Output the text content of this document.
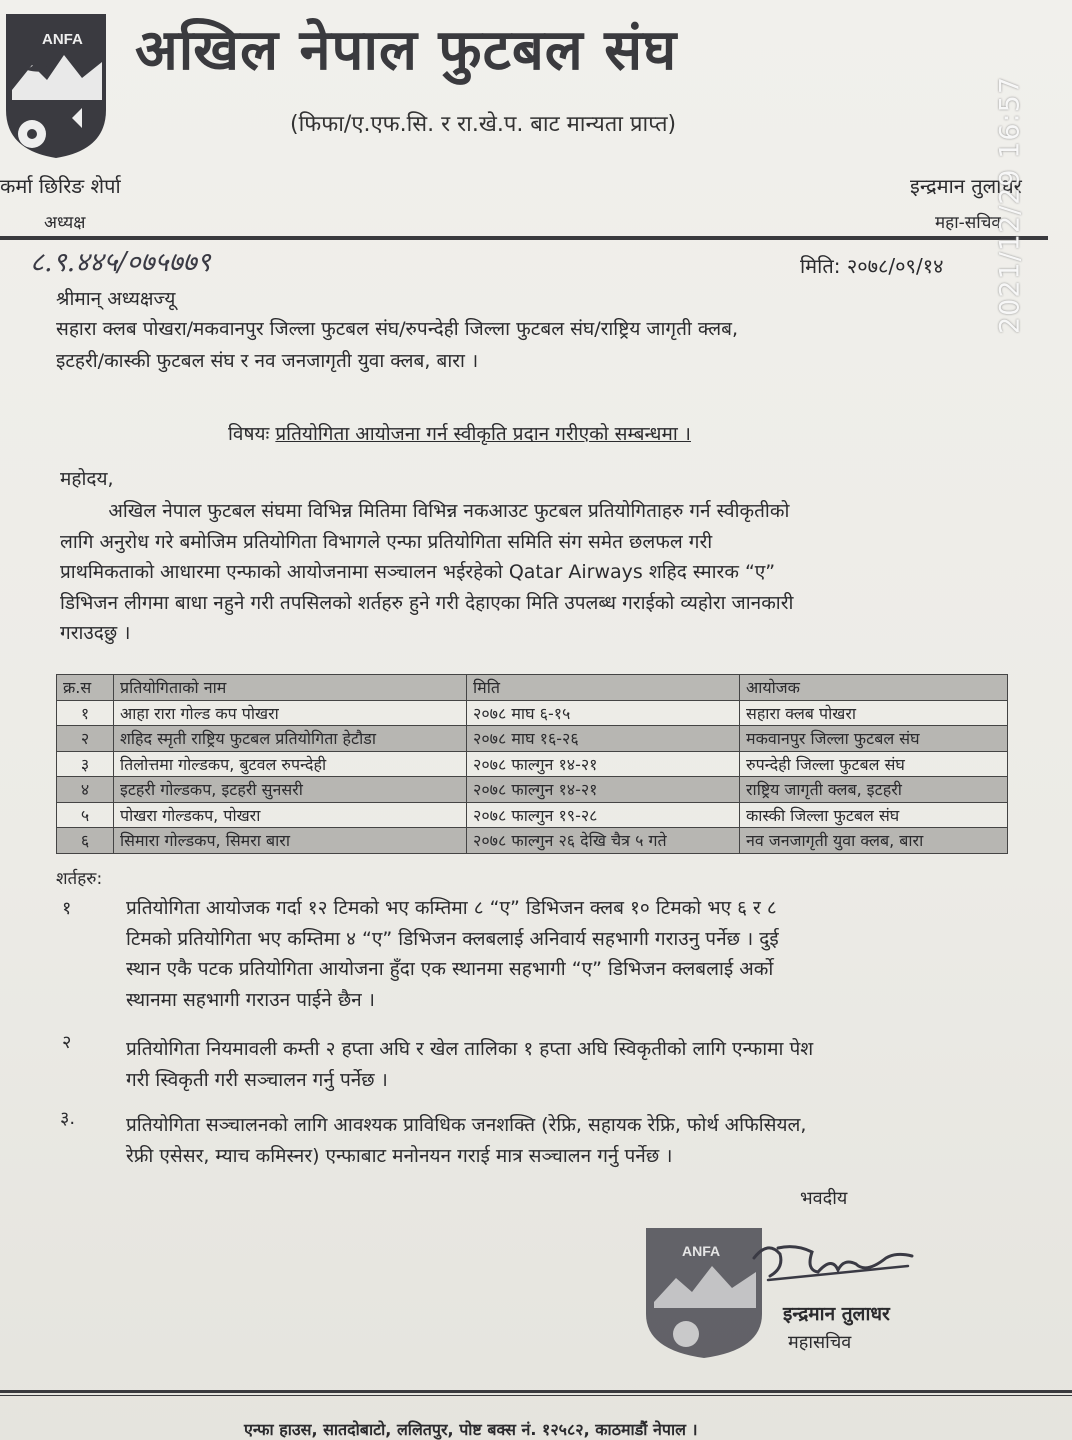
ANFA अखिल नेपाल फुटबल संघ
(फिफा/ए.एफ.सि. र रा.खे.प. बाट मान्यता प्राप्त)
कर्मा छिरिङ शेर्पा
अध्यक्ष
इन्द्रमान तुलाधर
महा-सचिव
८.९.४४५/०७५७७९	मिति: २०७८/०९/१४ 2021/12/29 16:57
श्रीमान् अध्यक्षज्यू
सहारा क्लब पोखरा/मकवानपुर जिल्ला फुटबल संघ/रुपन्देही जिल्ला फुटबल संघ/राष्ट्रिय जागृती क्लब,
इटहरी/कास्की फुटबल संघ र नव जनजागृती युवा क्लब, बारा ।
विषयः प्रतियोगिता आयोजना गर्न स्वीकृति प्रदान गरीएको सम्बन्धमा ।
महोदय,
अखिल नेपाल फुटबल संघमा विभिन्न मितिमा विभिन्न नकआउट फुटबल प्रतियोगिताहरु गर्न स्वीकृतीको
लागि अनुरोध गरे बमोजिम प्रतियोगिता विभागले एन्फा प्रतियोगिता समिति संग समेत छलफल गरी
प्राथमिकताको आधारमा एन्फाको आयोजनामा सञ्चालन भईरहेको Qatar Airways शहिद स्मारक “ए”
डिभिजन लीगमा बाधा नहुने गरी तपसिलको शर्तहरु हुने गरी देहाएका मिति उपलब्ध गराईको व्यहोरा जानकारी
गराउदछु ।
क्र.स	प्रतियोगिताको नाम	मिति	आयोजक
१	आहा रारा गोल्ड कप पोखरा	२०७८ माघ ६-१५	सहारा क्लब पोखरा
२	शहिद स्मृती राष्ट्रिय फुटबल प्रतियोगिता हेटौडा	२०७८ माघ १६-२६	मकवानपुर जिल्ला फुटबल संघ
३	तिलोत्तमा गोल्डकप, बुटवल रुपन्देही	२०७८ फाल्गुन १४-२१	रुपन्देही जिल्ला फुटबल संघ
४	इटहरी गोल्डकप, इटहरी सुनसरी	२०७८ फाल्गुन १४-२१	राष्ट्रिय जागृती क्लब, इटहरी
५	पोखरा गोल्डकप, पोखरा	२०७८ फाल्गुन १९-२८	कास्की जिल्ला फुटबल संघ
६	सिमारा गोल्डकप, सिमरा बारा	२०७८ फाल्गुन २६ देखि चैत्र ५ गते	नव जनजागृती युवा क्लब, बारा
शर्तहरु:
१	प्रतियोगिता आयोजक गर्दा १२ टिमको भए कम्तिमा ८ “ए” डिभिजन क्लब १० टिमको भए ६ र ८
टिमको प्रतियोगिता भए कम्तिमा ४ “ए” डिभिजन क्लबलाई अनिवार्य सहभागी गराउनु पर्नेछ । दुई
स्थान एकै पटक प्रतियोगिता आयोजना हुँदा एक स्थानमा सहभागी “ए” डिभिजन क्लबलाई अर्को
स्थानमा सहभागी गराउन पाईने छैन ।
२	प्रतियोगिता नियमावली कम्ती २ हप्ता अघि र खेल तालिका १ हप्ता अघि स्विकृतीको लागि एन्फामा पेश
गरी स्विकृती गरी सञ्चालन गर्नु पर्नेछ ।
३.	प्रतियोगिता सञ्चालनको लागि आवश्यक प्राविधिक जनशक्ति (रेफ्रि, सहायक रेफ्रि, फोर्थ अफिसियल,
रेफ्री एसेसर, म्याच कमिस्नर) एन्फाबाट मनोनयन गराई मात्र सञ्चालन गर्नु पर्नेछ ।
भवदीय
ANFA
इन्द्रमान तुलाधर
महासचिव
एन्फा हाउस, सातदोबाटो, ललितपुर, पोष्ट बक्स नं. १२५८२, काठमाडौं नेपाल ।
